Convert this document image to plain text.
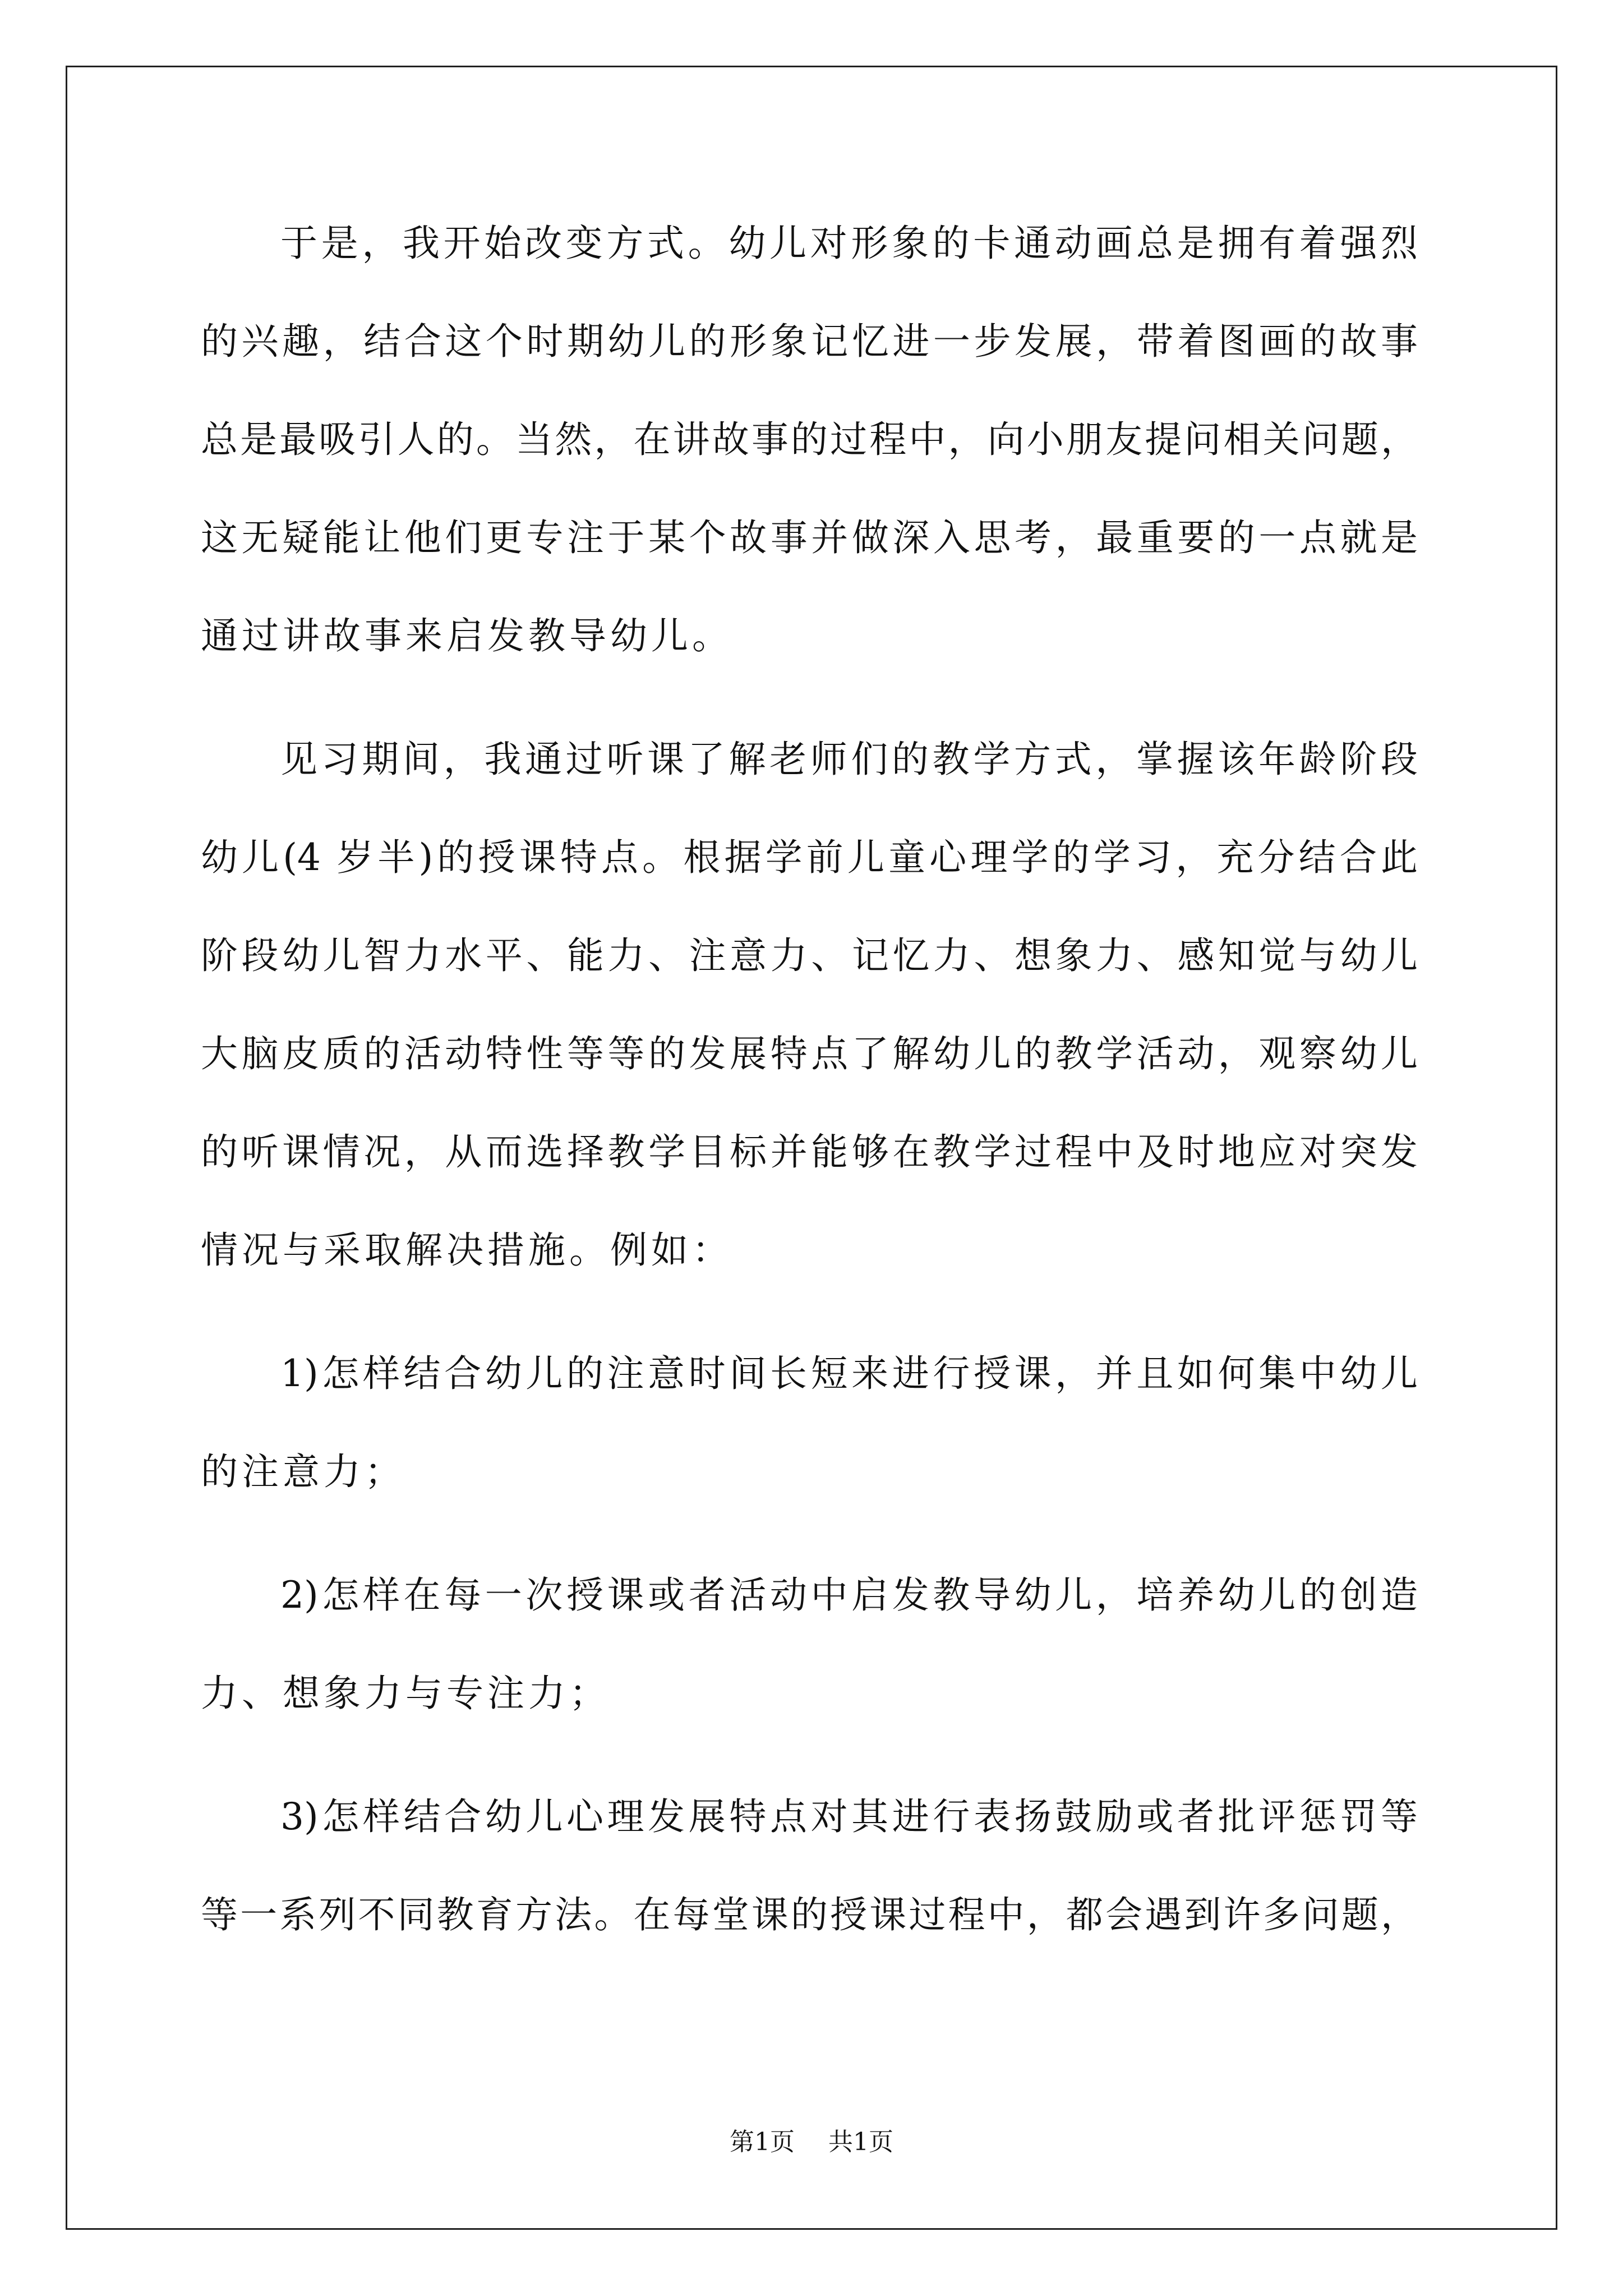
于是，我开始改变方式。幼儿对形象的卡通动画总是拥有着强烈
的兴趣，结合这个时期幼儿的形象记忆进一步发展，带着图画的故事
总是最吸引人的。当然，在讲故事的过程中，向小朋友提问相关问题，
这无疑能让他们更专注于某个故事并做深入思考，最重要的一点就是
通过讲故事来启发教导幼儿。
见习期间，我通过听课了解老师们的教学方式，掌握该年龄阶段
幼儿(4 岁半)的授课特点。根据学前儿童心理学的学习，充分结合此
阶段幼儿智力水平、能力、注意力、记忆力、想象力、感知觉与幼儿
大脑皮质的活动特性等等的发展特点了解幼儿的教学活动，观察幼儿
的听课情况，从而选择教学目标并能够在教学过程中及时地应对突发
情况与采取解决措施。例如：
1)怎样结合幼儿的注意时间长短来进行授课，并且如何集中幼儿
的注意力；
2)怎样在每一次授课或者活动中启发教导幼儿，培养幼儿的创造
力、想象力与专注力；
3)怎样结合幼儿心理发展特点对其进行表扬鼓励或者批评惩罚等
等一系列不同教育方法。在每堂课的授课过程中，都会遇到许多问题，
第1页 共1页
